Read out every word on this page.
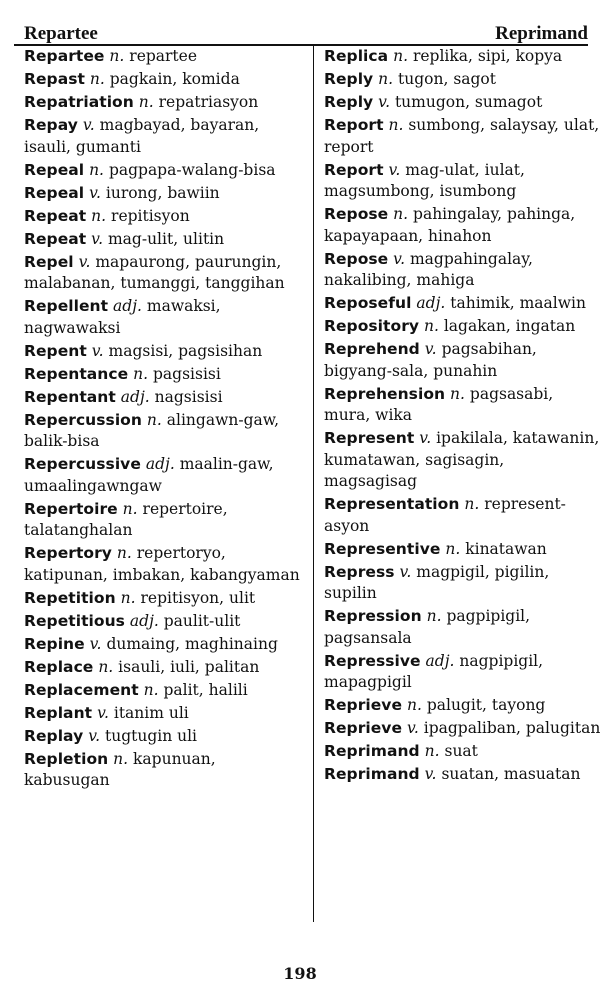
Repartee	Reprimand
Repartee n. repartee
Repast n. pagkain, komida
Repatriation n. repatriasyon
Repay v. magbayad, bayaran, isauli, gumanti
Repeal n. pagpapa-walang-bisa
Repeal v. iurong, bawiin
Repeat n. repitisyon
Repeat v. mag-ulit, ulitin
Repel v. mapaurong, paurungin, malabanan, tumanggi, tanggihan
Repellent adj. mawaksi, nagwawaksi
Repent v. magsisi, pagsisihan
Repentance n. pagsisisi
Repentant adj. nagsisisi
Repercussion n. alingawn-gaw, balik-bisa
Repercussive adj. maalin-gaw, umaalingawngaw
Repertoire n. repertoire, talatanghalan
Repertory n. repertoryo, katipunan, imbakan, kabangyaman
Repetition n. repitisyon, ulit
Repetitious adj. paulit-ulit
Repine v. dumaing, maghinaing
Replace n. isauli, iuli, palitan
Replacement n. palit, halili
Replant v. itanim uli
Replay v. tugtugin uli
Repletion n. kapunuan, kabusugan
Replica n. replika, sipi, kopya
Reply n. tugon, sagot
Reply v. tumugon, sumagot
Report n. sumbong, salaysay, ulat, report
Report v. mag-ulat, iulat, magsumbong, isumbong
Repose n. pahingalay, pahinga, kapayapaan, hinahon
Repose v. magpahingalay, nakalibing, mahiga
Reposeful adj. tahimik, maalwin
Repository n. lagakan, ingatan
Reprehend v. pagsabihan, bigyang-sala, punahin
Reprehension n. pagsasabi, mura, wika
Represent v. ipakilala, katawanin, kumatawan, sagisagin, magsagisag
Representation n. represent-asyon
Representive n. kinatawan
Repress v. magpigil, pigilin, supilin
Repression n. pagpipigil, pagsansala
Repressive adj. nagpipigil, mapagpigil
Reprieve n. palugit, tayong
Reprieve v. ipagpaliban, palugitan
Reprimand n. suat
Reprimand v. suatan, masuatan
198
